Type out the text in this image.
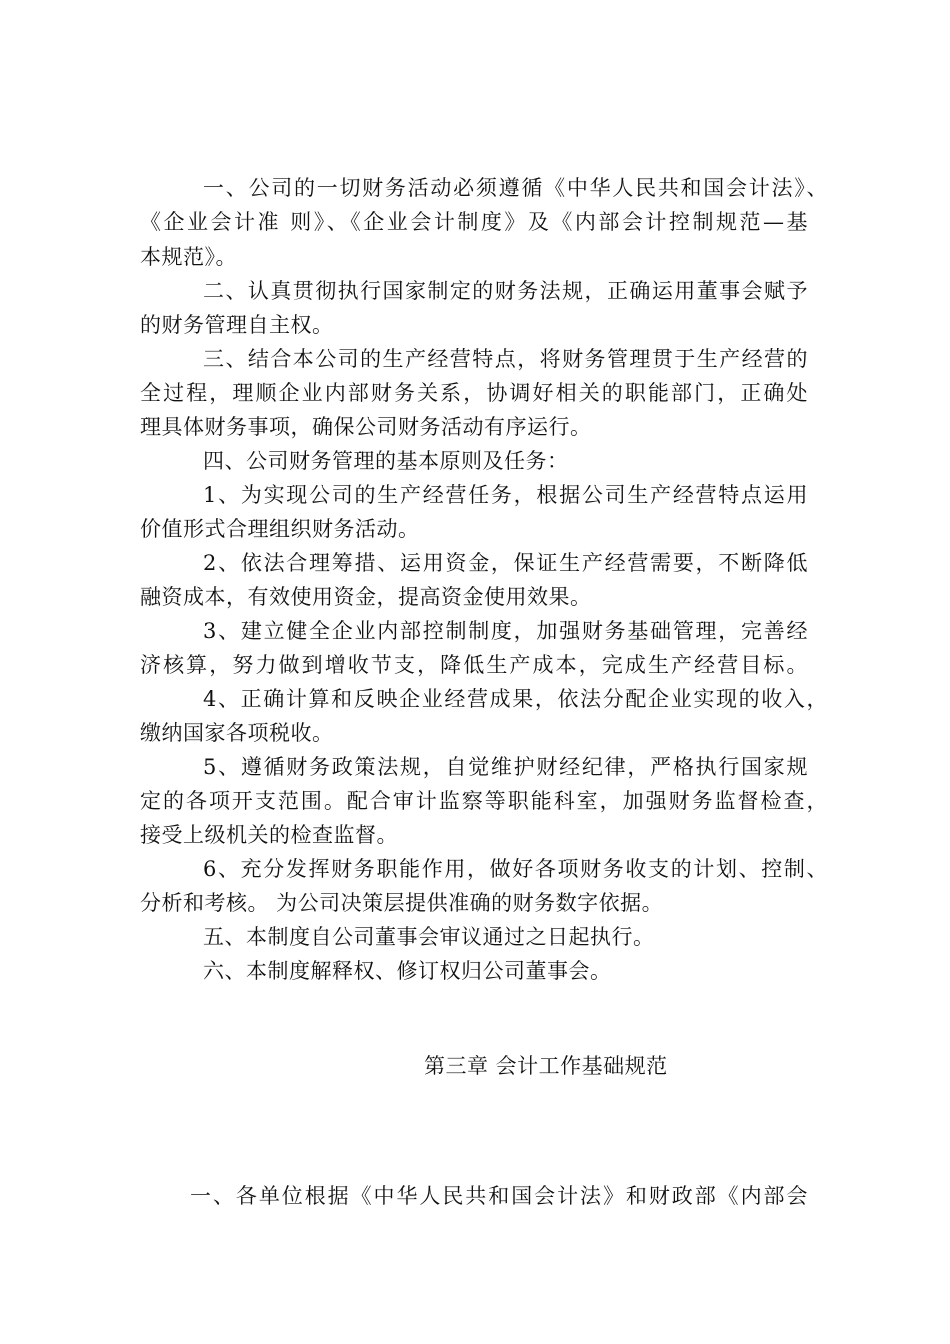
一、公司的一切财务活动必须遵循《中华人民共和国会计法》、
《企业会计准 则》、《企业会计制度》及《内部会计控制规范—基
本规范》。
二、认真贯彻执行国家制定的财务法规，正确运用董事会赋予
的财务管理自主权。
三、结合本公司的生产经营特点，将财务管理贯于生产经营的
全过程，理顺企业内部财务关系，协调好相关的职能部门，正确处
理具体财务事项，确保公司财务活动有序运行。
四、公司财务管理的基本原则及任务：
1、为实现公司的生产经营任务，根据公司生产经营特点运用
价值形式合理组织财务活动。
2、依法合理筹措、运用资金，保证生产经营需要，不断降低
融资成本，有效使用资金，提高资金使用效果。
3、建立健全企业内部控制制度，加强财务基础管理，完善经
济核算，努力做到增收节支，降低生产成本，完成生产经营目标。
4、正确计算和反映企业经营成果，依法分配企业实现的收入，
缴纳国家各项税收。
5、遵循财务政策法规，自觉维护财经纪律，严格执行国家规
定的各项开支范围。配合审计监察等职能科室，加强财务监督检查，
接受上级机关的检查监督。
6、充分发挥财务职能作用，做好各项财务收支的计划、控制、
分析和考核。 为公司决策层提供准确的财务数字依据。
五、本制度自公司董事会审议通过之日起执行。
六、本制度解释权、修订权归公司董事会。
第三章 会计工作基础规范
一、各单位根据《中华人民共和国会计法》和财政部《内部会
